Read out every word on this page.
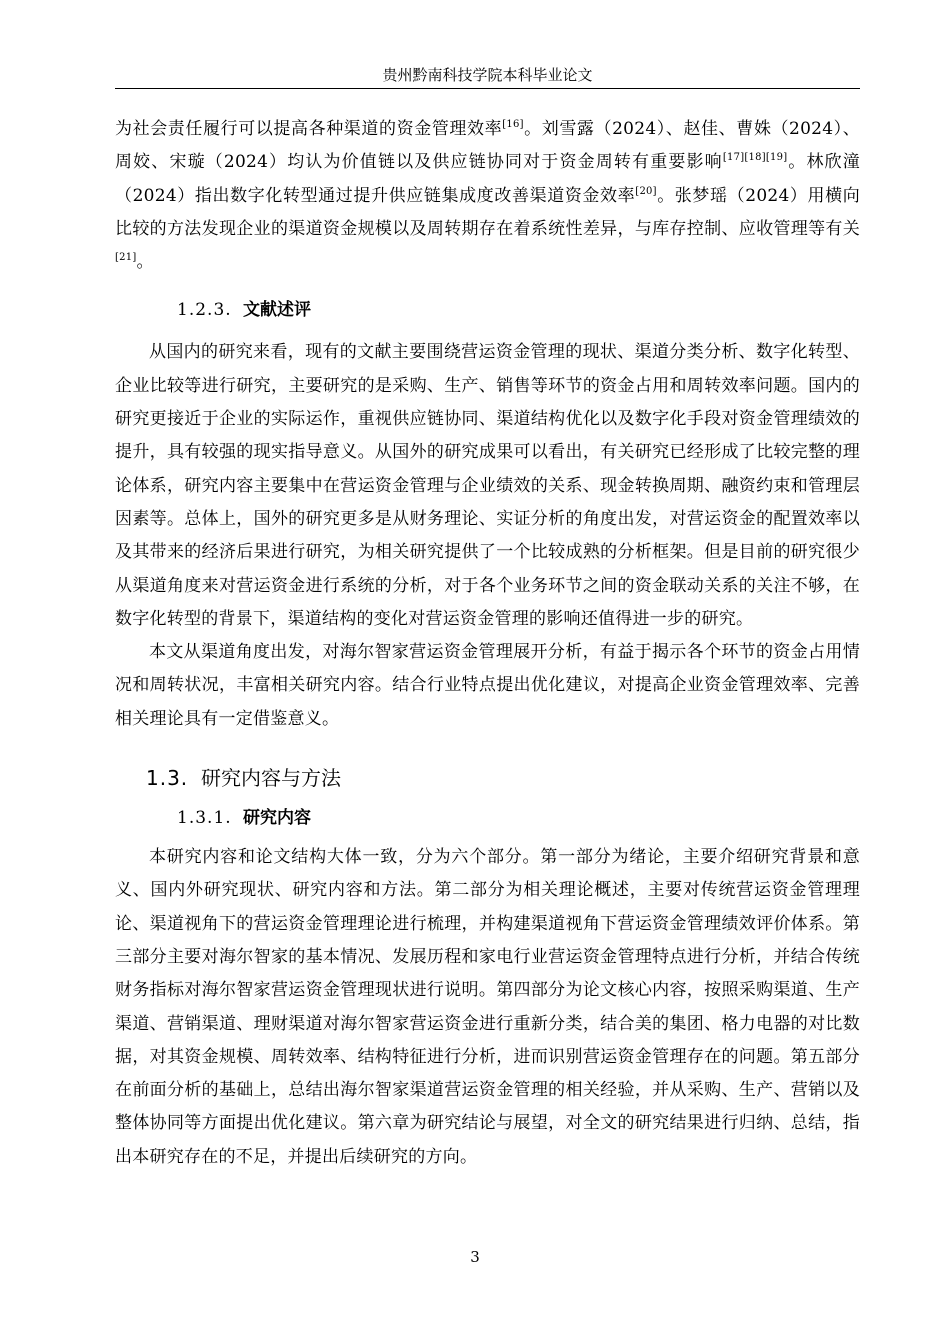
贵州黔南科技学院本科毕业论文

为社会责任履行可以提高各种渠道的资金管理效率[16]。刘雪露（2024）、赵佳、曹姝（2024）、周姣、宋璇（2024）均认为价值链以及供应链协同对于资金周转有重要影响[17][18][19]。林欣潼（2024）指出数字化转型通过提升供应链集成度改善渠道资金效率[20]。张梦瑶（2024）用横向比较的方法发现企业的渠道资金规模以及周转期存在着系统性差异，与库存控制、应收管理等有关[21]。

1.2.3. 文献述评

从国内的研究来看，现有的文献主要围绕营运资金管理的现状、渠道分类分析、数字化转型、企业比较等进行研究，主要研究的是采购、生产、销售等环节的资金占用和周转效率问题。国内的研究更接近于企业的实际运作，重视供应链协同、渠道结构优化以及数字化手段对资金管理绩效的提升，具有较强的现实指导意义。从国外的研究成果可以看出，有关研究已经形成了比较完整的理论体系，研究内容主要集中在营运资金管理与企业绩效的关系、现金转换周期、融资约束和管理层因素等。总体上，国外的研究更多是从财务理论、实证分析的角度出发，对营运资金的配置效率以及其带来的经济后果进行研究，为相关研究提供了一个比较成熟的分析框架。但是目前的研究很少从渠道角度来对营运资金进行系统的分析，对于各个业务环节之间的资金联动关系的关注不够，在数字化转型的背景下，渠道结构的变化对营运资金管理的影响还值得进一步的研究。

本文从渠道角度出发，对海尔智家营运资金管理展开分析，有益于揭示各个环节的资金占用情况和周转状况，丰富相关研究内容。结合行业特点提出优化建议，对提高企业资金管理效率、完善相关理论具有一定借鉴意义。

1.3. 研究内容与方法
1.3.1. 研究内容

本研究内容和论文结构大体一致，分为六个部分。第一部分为绪论，主要介绍研究背景和意义、国内外研究现状、研究内容和方法。第二部分为相关理论概述，主要对传统营运资金管理理论、渠道视角下的营运资金管理理论进行梳理，并构建渠道视角下营运资金管理绩效评价体系。第三部分主要对海尔智家的基本情况、发展历程和家电行业营运资金管理特点进行分析，并结合传统财务指标对海尔智家营运资金管理现状进行说明。第四部分为论文核心内容，按照采购渠道、生产渠道、营销渠道、理财渠道对海尔智家营运资金进行重新分类，结合美的集团、格力电器的对比数据，对其资金规模、周转效率、结构特征进行分析，进而识别营运资金管理存在的问题。第五部分在前面分析的基础上，总结出海尔智家渠道营运资金管理的相关经验，并从采购、生产、营销以及整体协同等方面提出优化建议。第六章为研究结论与展望，对全文的研究结果进行归纳、总结，指出本研究存在的不足，并提出后续研究的方向。

3
